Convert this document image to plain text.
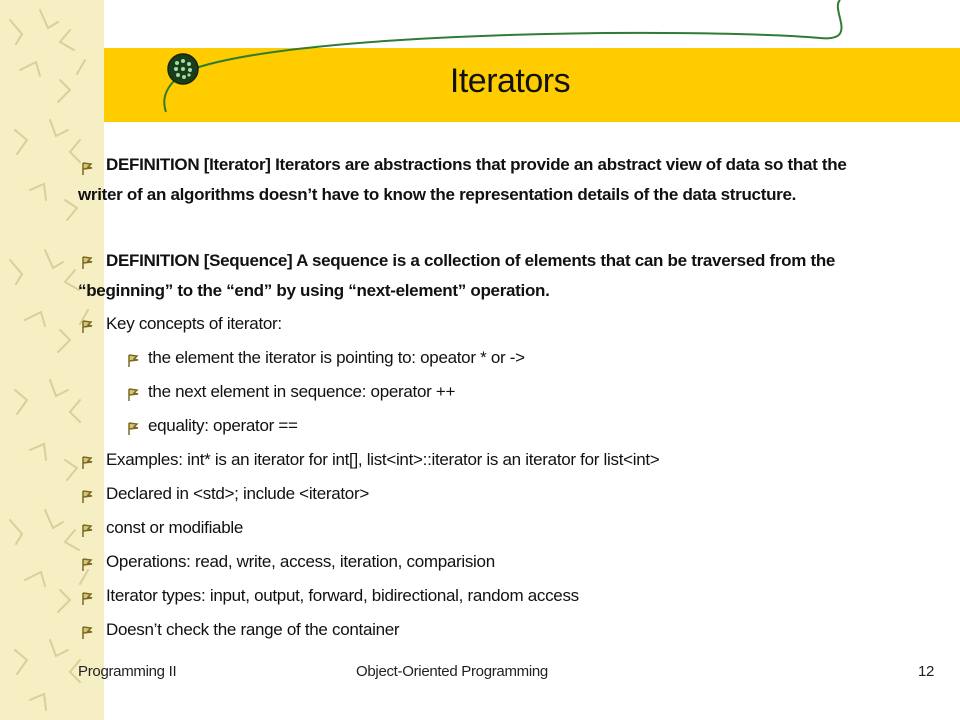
Iterators
DEFINITION [Iterator] Iterators are abstractions that provide an abstract view of data so that the writer of an algorithms doesn’t have to know the representation details of the data structure.
DEFINITION [Sequence] A sequence is a collection of elements that can be traversed from the “beginning” to the “end” by using “next-element” operation.
Key concepts of iterator:
the element the iterator is pointing to: opeator * or ->
the next element in sequence: operator ++
equality: operator ==
Examples: int* is an iterator for int[], list<int>::iterator is an iterator for list<int>
Declared in <std>; include <iterator>
const or modifiable
Operations: read, write, access, iteration, comparision
Iterator types: input, output, forward, bidirectional, random access
Doesn’t check the range of the container
Programming II	Object-Oriented Programming	12
